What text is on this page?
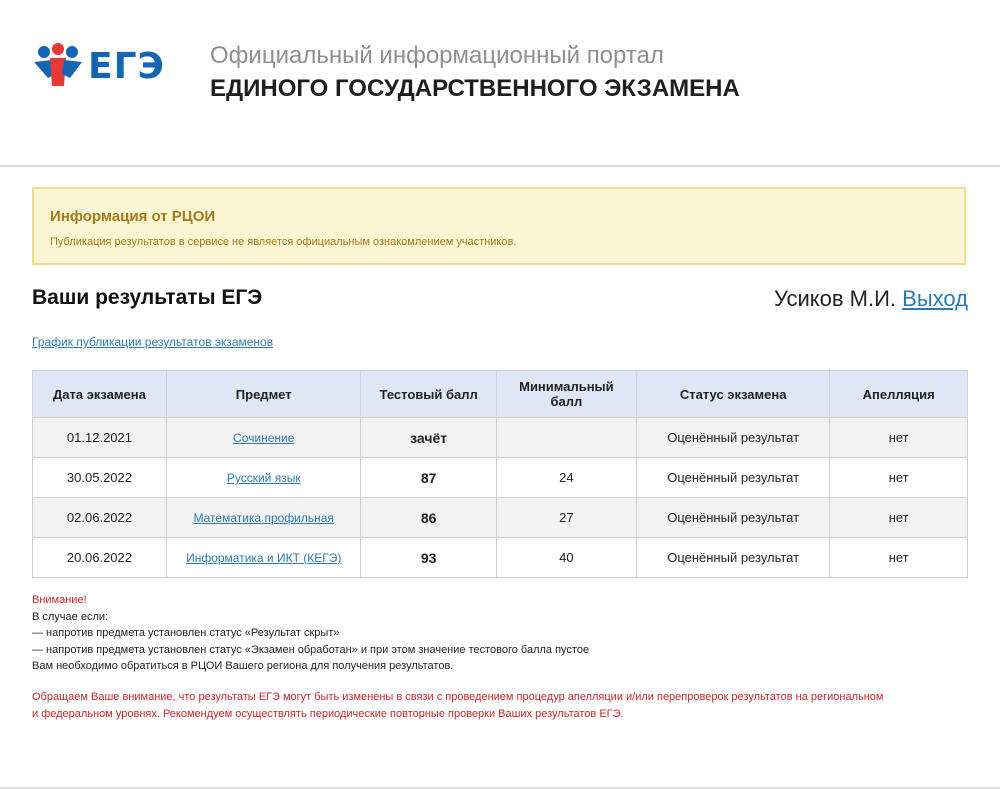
ЕГЭ Официальный информационный портал
ЕДИНОГО ГОСУДАРСТВЕННОГО ЭКЗАМЕНА
Информация от РЦОИ
Публикация результатов в сервисе не является официальным ознакомлением участников.
Ваши результаты ЕГЭ	Усиков М.И. Выход
График публикации результатов экзаменов
Дата экзамена	Предмет	Тестовый балл	Минимальный балл	Статус экзамена	Апелляция
01.12.2021	Сочинение	зачёт		Оценённый результат	нет
30.05.2022	Русский язык	87	24	Оценённый результат	нет
02.06.2022	Математика профильная	86	27	Оценённый результат	нет
20.06.2022	Информатика и ИКТ (КЕГЭ)	93	40	Оценённый результат	нет
Внимание!
В случае если:
— напротив предмета установлен статус «Результат скрыт»
— напротив предмета установлен статус «Экзамен обработан» и при этом значение тестового балла пустое
Вам необходимо обратиться в РЦОИ Вашего региона для получения результатов.
Обращаем Ваше внимание, что результаты ЕГЭ могут быть изменены в связи с проведением процедур апелляции и/или перепроверок результатов на региональном
и федеральном уровнях. Рекомендуем осуществлять периодические повторные проверки Ваших результатов ЕГЭ.
